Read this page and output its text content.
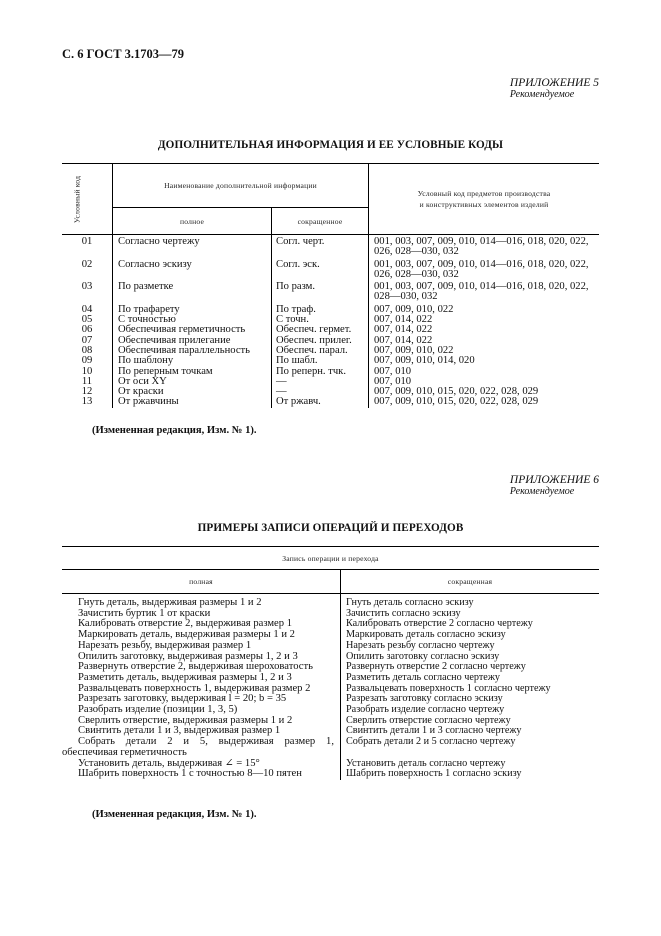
С. 6 ГОСТ 3.1703—79
ПРИЛОЖЕНИЕ 5
Рекомендуемое
ДОПОЛНИТЕЛЬНАЯ ИНФОРМАЦИЯ И ЕЕ УСЛОВНЫЕ КОДЫ
Условный код	Наименование дополнительной информации		Условный код предметов производства
и конструктивных элементов изделий

	полное	сокращенное	
01	Согласно чертежу	Согл. черт.	001, 003, 007, 009, 010, 014—016, 018, 020, 022,
026, 028—030, 032

02	Согласно эскизу	Согл. эск.	001, 003, 007, 009, 010, 014—016, 018, 020, 022,
026, 028—030, 032

03	По разметке	По разм.	001, 003, 007, 009, 010, 014—016, 018, 020, 022,
028—030, 032

04	По трафарету	По траф.	007, 009, 010, 022
05	С точностью	С точн.	007, 014, 022
06	Обеспечивая герметичность	Обеспеч. гермет.	007, 014, 022
07	Обеспечивая прилегание	Обеспеч. прилег.	007, 014, 022
08	Обеспечивая параллельность	Обеспеч. парал.	007, 009, 010, 022
09	По шаблону	По шабл.	007, 009, 010, 014, 020
10	По реперным точкам	По реперн. тчк.	007, 010
11	От оси XY	—	007, 010
12	От краски	—	007, 009, 010, 015, 020, 022, 028, 029
13	От ржавчины	От ржавч.	007, 009, 010, 015, 020, 022, 028, 029
(Измененная редакция, Изм. № 1).
ПРИЛОЖЕНИЕ 6
Рекомендуемое
ПРИМЕРЫ ЗАПИСИ ОПЕРАЦИЙ И ПЕРЕХОДОВ
Запись операции и перехода	
полная	сокращенная

Гнуть деталь, выдерживая размеры 1 и 2	Гнуть деталь согласно эскизу

Зачистить буртик 1 от краски	Зачистить согласно эскизу

Калибровать отверстие 2, выдерживая размер 1	Калибровать отверстие 2 согласно чертежу

Маркировать деталь, выдерживая размеры 1 и 2	Маркировать деталь согласно эскизу

Нарезать резьбу, выдерживая размер 1	Нарезать резьбу согласно чертежу

Опилить заготовку, выдерживая размеры 1, 2 и 3	Опилить заготовку согласно эскизу

Развернуть отверстие 2, выдерживая шероховатость	Развернуть отверстие 2 согласно чертежу

Разметить деталь, выдерживая размеры 1, 2 и 3	Разметить деталь согласно чертежу

Развальцевать поверхность 1, выдерживая размер 2	Развальцевать поверхность 1 согласно чертежу

Разрезать заготовку, выдерживая l = 20; b = 35	Разрезать заготовку согласно эскизу

Разобрать изделие (позиции 1, 3, 5)	Разобрать изделие согласно чертежу

Сверлить отверстие, выдерживая размеры 1 и 2	Сверлить отверстие согласно чертежу

Свинтить детали 1 и 3, выдерживая размер 1	Свинтить детали 1 и 3 согласно чертежу

Собрать детали 2 и 5, выдерживая размер 1,
обеспечивая герметичность	Собрать детали 2 и 5 согласно чертежу

Установить деталь, выдерживая ∠ = 15°	Установить деталь согласно чертежу

Шабрить поверхность 1 с точностью 8—10 пятен	Шабрить поверхность 1 согласно эскизу
(Измененная редакция, Изм. № 1).
